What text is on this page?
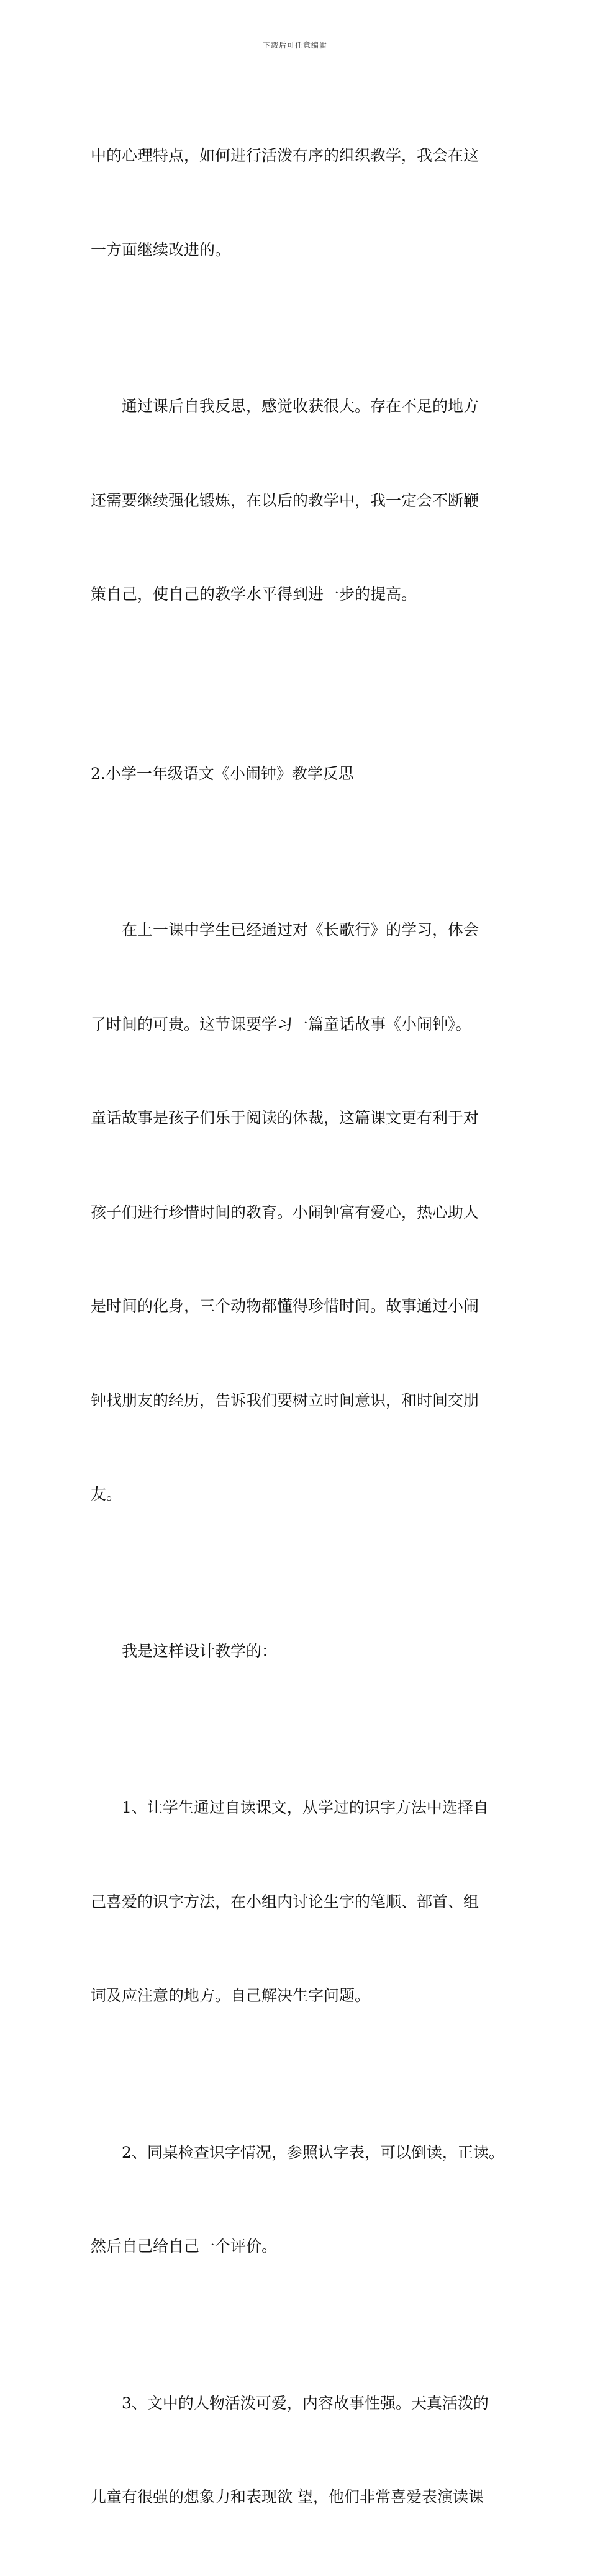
下载后可任意编辑

中的心理特点，如何进行活泼有序的组织教学，我会在这

一方面继续改进的。

通过课后自我反思，感觉收获很大。存在不足的地方

还需要继续强化锻炼，在以后的教学中，我一定会不断鞭

策自己，使自己的教学水平得到进一步的提高。

2.小学一年级语文《小闹钟》教学反思

在上一课中学生已经通过对《长歌行》的学习，体会

了时间的可贵。这节课要学习一篇童话故事《小闹钟》。

童话故事是孩子们乐于阅读的体裁，这篇课文更有利于对

孩子们进行珍惜时间的教育。小闹钟富有爱心，热心助人

是时间的化身，三个动物都懂得珍惜时间。故事通过小闹

钟找朋友的经历，告诉我们要树立时间意识，和时间交朋

友。

我是这样设计教学的：

1、让学生通过自读课文，从学过的识字方法中选择自

己喜爱的识字方法，在小组内讨论生字的笔顺、部首、组

词及应注意的地方。自己解决生字问题。

2、同桌检查识字情况，参照认字表，可以倒读，正读。

然后自己给自己一个评价。

3、文中的人物活泼可爱，内容故事性强。天真活泼的

儿童有很强的想象力和表现欲 望，他们非常喜爱表演读课
